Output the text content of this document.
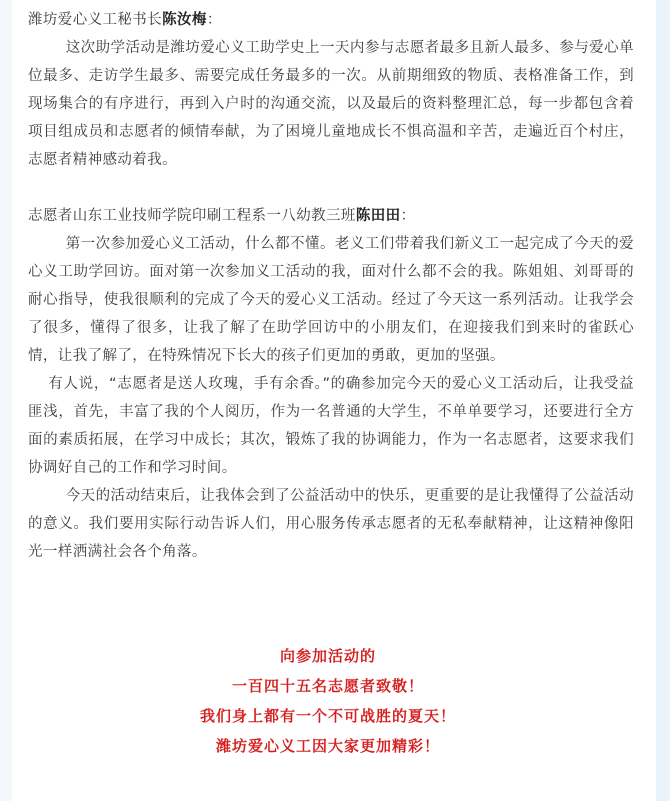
潍坊爱心义工秘书长陈汝梅：

这次助学活动是潍坊爱心义工助学史上一天内参与志愿者最多且新人最多、参与爱心单位最多、走访学生最多、需要完成任务最多的一次。从前期细致的物质、表格准备工作，到现场集合的有序进行，再到入户时的沟通交流，以及最后的资料整理汇总，每一步都包含着项目组成员和志愿者的倾情奉献，为了困境儿童地成长不惧高温和辛苦，走遍近百个村庄，志愿者精神感动着我。

志愿者山东工业技师学院印刷工程系一八幼教三班陈田田：

第一次参加爱心义工活动，什么都不懂。老义工们带着我们新义工一起完成了今天的爱心义工助学回访。面对第一次参加义工活动的我，面对什么都不会的我。陈姐姐、刘哥哥的耐心指导，使我很顺利的完成了今天的爱心义工活动。经过了今天这一系列活动。让我学会了很多，懂得了很多，让我了解了在助学回访中的小朋友们，在迎接我们到来时的雀跃心情，让我了解了，在特殊情况下长大的孩子们更加的勇敢，更加的坚强。

有人说，“志愿者是送人玫瑰，手有余香。”的确参加完今天的爱心义工活动后，让我受益匪浅，首先，丰富了我的个人阅历，作为一名普通的大学生，不单单要学习，还要进行全方面的素质拓展，在学习中成长；其次，锻炼了我的协调能力，作为一名志愿者，这要求我们协调好自己的工作和学习时间。

今天的活动结束后，让我体会到了公益活动中的快乐，更重要的是让我懂得了公益活动的意义。我们要用实际行动告诉人们，用心服务传承志愿者的无私奉献精神，让这精神像阳光一样洒满社会各个角落。

向参加活动的
一百四十五名志愿者致敬！
我们身上都有一个不可战胜的夏天！
潍坊爱心义工因大家更加精彩！
